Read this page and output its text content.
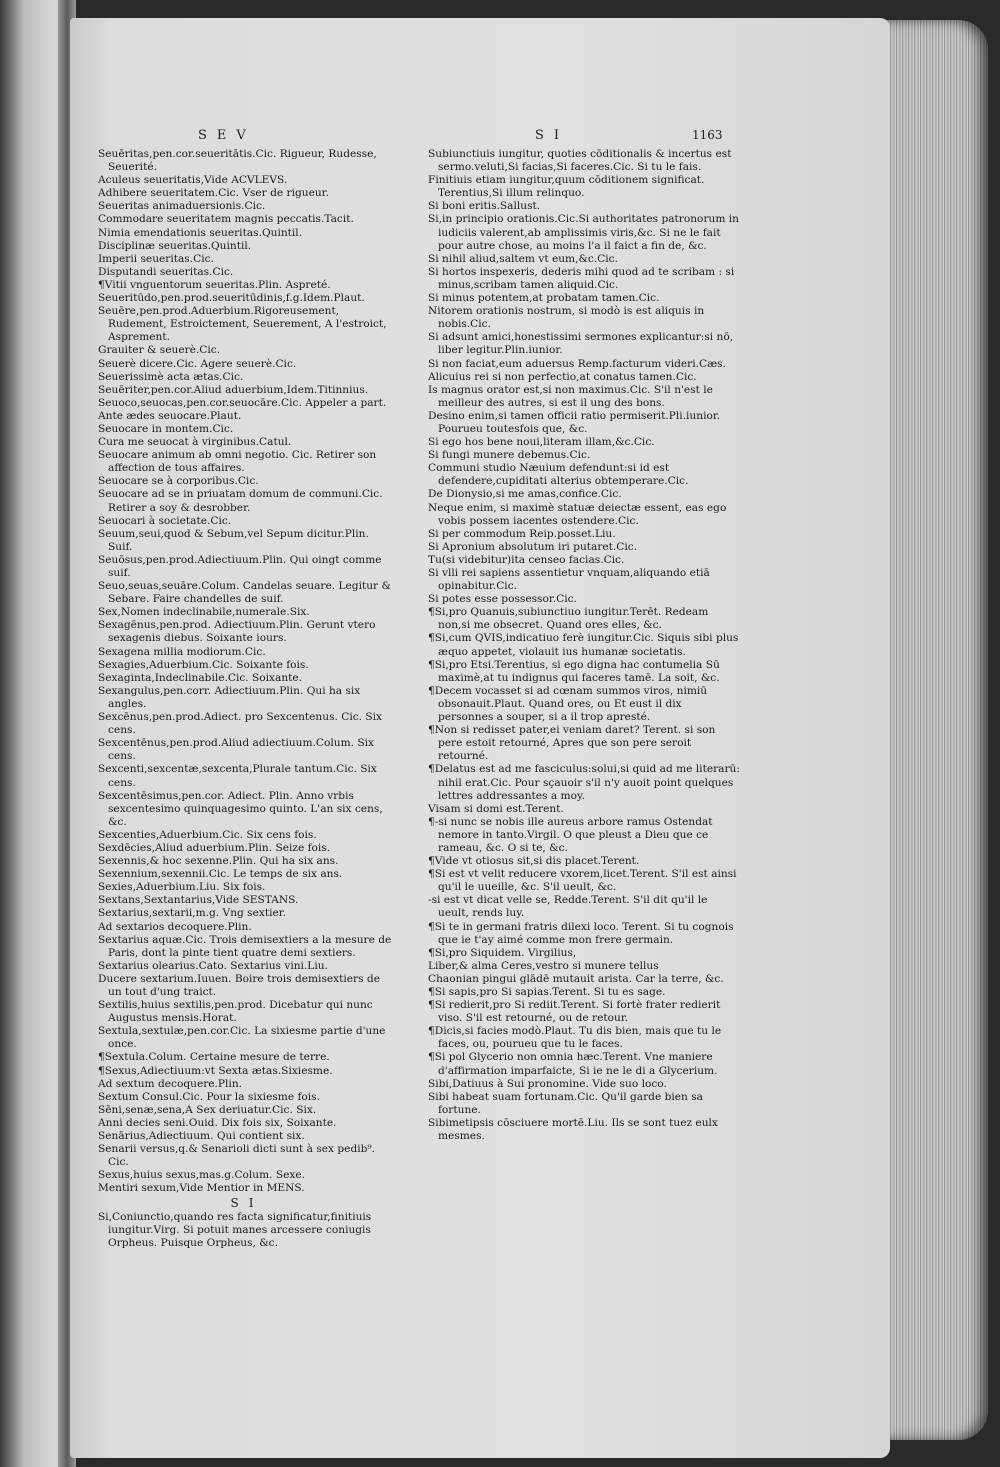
SEV	SI	1163

Seuēritas,pen.cor.seueritātis.Cic. Rigueur, Rudesse, Seuerité.

Aculeus seueritatis,Vide ACVLEVS.

Adhibere seueritatem.Cic. Vser de rigueur.

Seueritas animaduersionis.Cic.

Commodare seueritatem magnis peccatis.Tacit.

Nimia emendationis seueritas.Quintil.

Disciplinæ seueritas.Quintil.

Imperii seueritas.Cic.

Disputandi seueritas.Cic.

¶Vitii vnguentorum seueritas.Plin. Aspreté.

Seueritūdo,pen.prod.seueritūdinis,f.g.Idem.Plaut.

Seuēre,pen.prod.Aduerbium.Rigoreusement, Rudement, Estroictement, Seuerement, A l'estroict, Asprement.

Grauiter & seuerè.Cic.

Seuerè dicere.Cic. Agere seuerè.Cic.

Seuerissimè acta ætas.Cic.

Seuēriter,pen.cor.Aliud aduerbium,Idem.Titinnius.

Seuoco,seuocas,pen.cor.seuocāre.Cic. Appeler a part.

Ante ædes seuocare.Plaut.

Seuocare in montem.Cic.

Cura me seuocat à virginibus.Catul.

Seuocare animum ab omni negotio. Cic. Retirer son affection de tous affaires.

Seuocare se à corporibus.Cic.

Seuocare ad se in priuatam domum de communi.Cic. Retirer a soy & desrobber.

Seuocari à societate.Cic.

Seuum,seui,quod & Sebum,vel Sepum dicitur.Plin. Suif.

Seuōsus,pen.prod.Adiectiuum.Plin. Qui oingt comme suif.

Seuo,seuas,seuāre.Colum. Candelas seuare. Legitur & Sebare. Faire chandelles de suif.

Sex,Nomen indeclinabile,numerale.Six.

Sexagēnus,pen.prod. Adiectiuum.Plin. Gerunt vtero sexagenis diebus. Soixante iours.

Sexagena millia modiorum.Cic.

Sexagies,Aduerbium.Cic. Soixante fois.

Sexaginta,Indeclinabile.Cic. Soixante.

Sexangulus,pen.corr. Adiectiuum.Plin. Qui ha six angles.

Sexcēnus,pen.prod.Adiect. pro Sexcentenus. Cic. Six cens.

Sexcentēnus,pen.prod.Aliud adiectiuum.Colum. Six cens.

Sexcenti,sexcentæ,sexcenta,Plurale tantum.Cic. Six cens.

Sexcentēsimus,pen.cor. Adiect. Plin. Anno vrbis sexcentesimo quinquagesimo quinto. L'an six cens, &c.

Sexcenties,Aduerbium.Cic. Six cens fois.

Sexdēcies,Aliud aduerbium.Plin. Seize fois.

Sexennis,& hoc sexenne.Plin. Qui ha six ans.

Sexennium,sexennii.Cic. Le temps de six ans.

Sexies,Aduerbium.Liu. Six fois.

Sextans,Sextantarius,Vide SESTANS.

Sextarius,sextarii,m.g. Vng sextier.

Ad sextarios decoquere.Plin.

Sextarius aquæ.Cic. Trois demisextiers a la mesure de Paris, dont la pinte tient quatre demi sextiers.

Sextarius olearius.Cato. Sextarius vini.Liu.

Ducere sextarium.Iuuen. Boire trois demisextiers de un tout d'ung traict.

Sextilis,huius sextilis,pen.prod. Dicebatur qui nunc Augustus mensis.Horat.

Sextula,sextulæ,pen.cor.Cic. La sixiesme partie d'une once.

¶Sextula.Colum. Certaine mesure de terre.

¶Sexus,Adiectiuum:vt Sexta ætas.Sixiesme.

Ad sextum decoquere.Plin.

Sextum Consul.Cic. Pour la sixiesme fois.

Sēni,senæ,sena,A Sex deriuatur.Cic. Six.

Anni decies seni.Ouid. Dix fois six, Soixante.

Senārius,Adiectiuum. Qui contient six.

Senarii versus,q.& Senarioli dicti sunt à sex pedib⁹. Cic.

Sexus,huius sexus,mas.g.Colum. Sexe.

Mentiri sexum,Vide Mentior in MENS.

SI

Si,Coniunctio,quando res facta significatur,finitiuis iungitur.Virg. Si potuit manes arcessere coniugis Orpheus. Puisque Orpheus, &c.

Subiunctiuis iungitur, quoties cōditionalis & incertus est sermo.veluti,Si facias,Si faceres.Cic. Si tu le fais.

Finitiuis etiam iungitur,quum cōditionem significat. Terentius,Si illum relinquo.

Si boni eritis.Sallust.

Si,in principio orationis.Cic.Si authoritates patronorum in iudiciis valerent,ab amplissimis viris,&c. Si ne le fait pour autre chose, au moins l'a il faict a fin de, &c.

Si nihil aliud,saltem vt eum,&c.Cic.

Si hortos inspexeris, dederis mihi quod ad te scribam : si minus,scribam tamen aliquid.Cic.

Si minus potentem,at probatam tamen.Cic.

Nitorem orationis nostrum, si modò is est aliquis in nobis.Cic.

Si adsunt amici,honestissimi sermones explicantur:si nō, liber legitur.Plin.iunior.

Si non faciat,eum aduersus Remp.facturum videri.Cæs.

Alicuius rei si non perfectio,at conatus tamen.Cic.

Is magnus orator est,si non maximus.Cic. S'il n'est le meilleur des autres, si est il ung des bons.

Desino enim,si tamen officii ratio permiserit.Pli.iunior. Pourueu toutesfois que, &c.

Si ego hos bene noui,literam illam,&c.Cic.

Si fungi munere debemus.Cic.

Communi studio Næuium defendunt:si id est defendere,cupiditati alterius obtemperare.Cic.

De Dionysio,si me amas,confice.Cic.

Neque enim, si maximè statuæ deiectæ essent, eas ego vobis possem iacentes ostendere.Cic.

Si per commodum Reip.posset.Liu.

Si Apronium absolutum iri putaret.Cic.

Tu(si videbitur)ita censeo facias.Cic.

Si vlli rei sapiens assentietur vnquam,aliquando etiā opinabitur.Cic.

Si potes esse possessor.Cic.

¶Si,pro Quanuis,subiunctiuo iungitur.Terēt. Redeam non,si me obsecret. Quand ores elles, &c.

¶Si,cum QVIS,indicatiuo ferè iungitur.Cic. Siquis sibi plus æquo appetet, violauit ius humanæ societatis.

¶Si,pro Etsi.Terentius, si ego digna hac contumelia Sū maximè,at tu indignus qui faceres tamē. La soit, &c.

¶Decem vocasset si ad cœnam summos viros, nimiū obsonauit.Plaut. Quand ores, ou Et eust il dix personnes a souper, si a il trop apresté.

¶Non si redisset pater,ei veniam daret? Terent. si son pere estoit retourné, Apres que son pere seroit retourné.

¶Delatus est ad me fasciculus:solui,si quid ad me literarū: nihil erat.Cic. Pour sçauoir s'il n'y auoit point quelques lettres addressantes a moy.

Visam si domi est.Terent.

¶-si nunc se nobis ille aureus arbore ramus Ostendat nemore in tanto.Virgil. O que pleust a Dieu que ce rameau, &c. O si te, &c.

¶Vide vt otiosus sit,si dis placet.Terent.

¶Si est vt velit reducere vxorem,licet.Terent. S'il est ainsi qu'il le uueille, &c. S'il ueult, &c.

-si est vt dicat velle se, Redde.Terent. S'il dit qu'il le ueult, rends luy.

¶Si te in germani fratris dilexi loco. Terent. Si tu cognois que ie t'ay aimé comme mon frere germain.

¶Si,pro Siquidem. Virgilius,

Liber,& alma Ceres,vestro si munere tellus

Chaonian pingui glādē mutauit arista. Car la terre, &c.

¶Si sapis,pro Si sapias.Terent. Si tu es sage.

¶Si redierit,pro Si rediit.Terent. Si fortè frater redierit viso. S'il est retourné, ou de retour.

¶Dicis,si facies modò.Plaut. Tu dis bien, mais que tu le faces, ou, pourueu que tu le faces.

¶Si pol Glycerio non omnia hæc.Terent. Vne maniere d'affirmation imparfaicte, Si ie ne le di a Glycerium.

Sibi,Datiuus à Sui pronomine. Vide suo loco.

Sibi habeat suam fortunam.Cic. Qu'il garde bien sa fortune.

Sibimetipsis cōsciuere mortē.Liu. Ils se sont tuez eulx mesmes.
